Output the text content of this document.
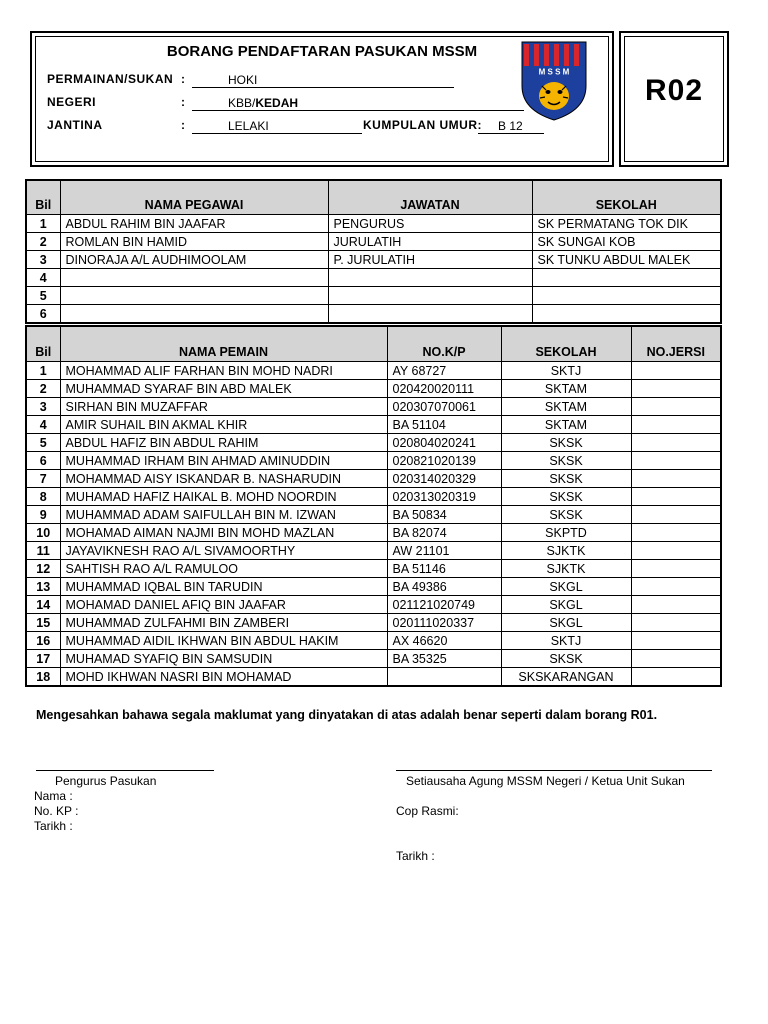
R02
BORANG PENDAFTARAN PASUKAN MSSM
PERMAINAN/SUKAN :	HOKI
NEGERI	:	KBB/KEDAH
JANTINA	:	LELAKI	KUMPULAN UMUR: B 12
M S S M
Bil	NAMA PEGAWAI	JAWATAN	SEKOLAH
1	ABDUL RAHIM BIN JAAFAR	PENGURUS	SK PERMATANG TOK DIK
2	ROMLAN BIN HAMID	JURULATIH	SK SUNGAI KOB
3	DINORAJA A/L AUDHIMOOLAM	P. JURULATIH	SK TUNKU ABDUL MALEK
4			
5			
6			
Bil	NAMA PEMAIN	NO.K/P	SEKOLAH	NO.JERSI
1	MOHAMMAD ALIF FARHAN BIN MOHD NADRI	AY 68727	SKTJ	
2	MUHAMMAD SYARAF BIN ABD MALEK	020420020111	SKTAM	
3	SIRHAN BIN MUZAFFAR	020307070061	SKTAM	
4	AMIR SUHAIL BIN AKMAL KHIR	BA 51104	SKTAM	
5	ABDUL HAFIZ BIN ABDUL RAHIM	020804020241	SKSK	
6	MUHAMMAD IRHAM BIN AHMAD AMINUDDIN	020821020139	SKSK	
7	MOHAMMAD AISY ISKANDAR B. NASHARUDIN	020314020329	SKSK	
8	MUHAMAD HAFIZ HAIKAL B. MOHD NOORDIN	020313020319	SKSK	
9	MUHAMMAD ADAM SAIFULLAH BIN M. IZWAN	BA 50834	SKSK	
10	MOHAMAD AIMAN NAJMI BIN MOHD MAZLAN	BA 82074	SKPTD	
11	JAYAVIKNESH RAO A/L SIVAMOORTHY	AW 21101	SJKTK	
12	SAHTISH RAO A/L RAMULOO	BA 51146	SJKTK	
13	MUHAMMAD IQBAL BIN TARUDIN	BA 49386	SKGL	
14	MOHAMAD DANIEL AFIQ BIN JAAFAR	021121020749	SKGL	
15	MUHAMMAD ZULFAHMI BIN ZAMBERI	020111020337	SKGL	
16	MUHAMMAD AIDIL IKHWAN BIN ABDUL HAKIM	AX 46620	SKTJ	
17	MUHAMAD SYAFIQ BIN SAMSUDIN	BA 35325	SKSK	
18	MOHD IKHWAN NASRI BIN MOHAMAD		SKSKARANGAN	
Mengesahkan bahawa segala maklumat yang dinyatakan di atas adalah benar seperti dalam borang R01.
Pengurus Pasukan
Nama :
No. KP :
Tarikh :
Setiausaha Agung MSSM Negeri / Ketua Unit Sukan
Cop Rasmi:
Tarikh :
